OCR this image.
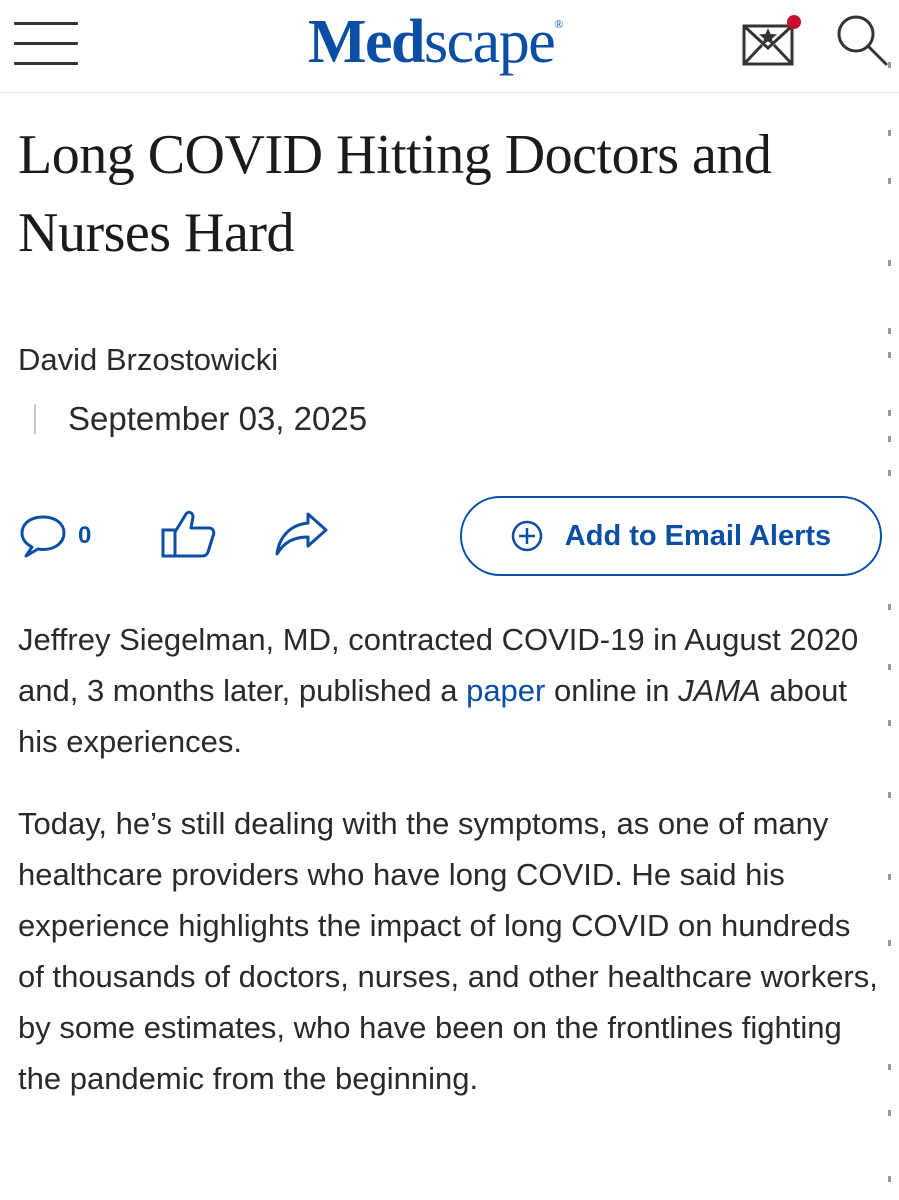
Medscape®
Long COVID Hitting Doctors and Nurses Hard
David Brzostowicki
September 03, 2025
0	Add to Email Alerts

Jeffrey Siegelman, MD, contracted COVID-19 in August 2020 and, 3 months later, published a paper online in JAMA about his experiences.

Today, he’s still dealing with the symptoms, as one of many healthcare providers who have long COVID. He said his experience highlights the impact of long COVID on hundreds of thousands of doctors, nurses, and other healthcare workers, by some estimates, who have been on the frontlines fighting the pandemic from the beginning.
